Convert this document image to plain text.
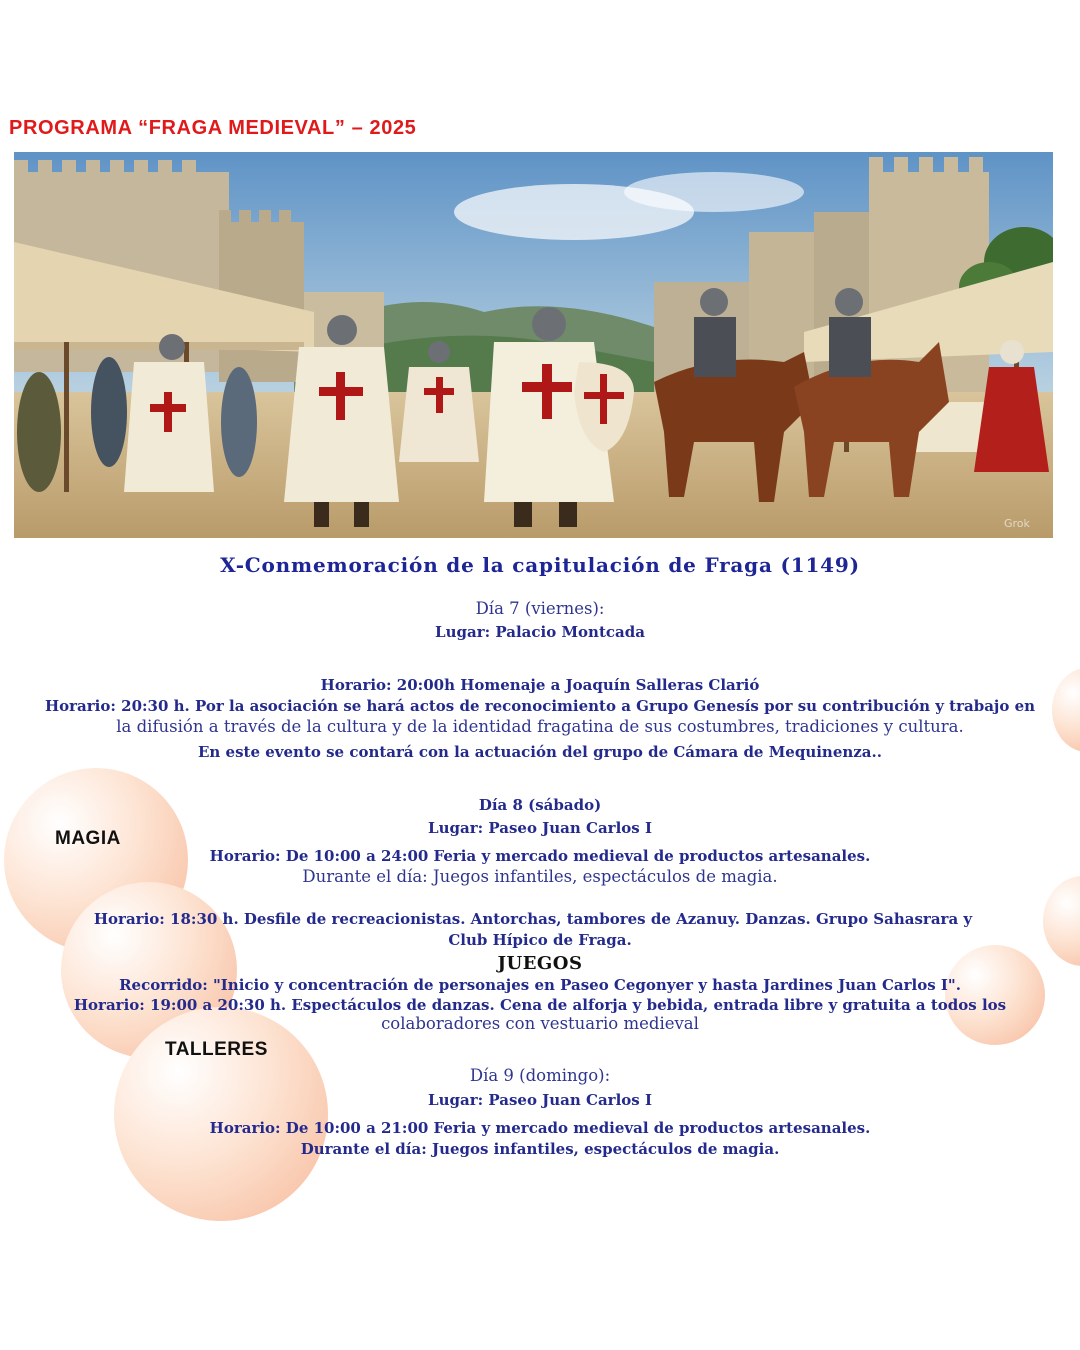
MAGIA
TALLERES
PROGRAMA “FRAGA MEDIEVAL” – 2025
Grok
X-Conmemoración de la capitulación de Fraga (1149)
Día 7 (viernes):
Lugar: Palacio Montcada
Horario: 20:00h Homenaje a Joaquín Salleras Clarió
Horario: 20:30 h. Por la asociación se hará actos de reconocimiento a Grupo Genesís por su contribución y trabajo en
la difusión a través de la cultura y de la identidad fragatina de sus costumbres, tradiciones y cultura.
En este evento se contará con la actuación del grupo de Cámara de Mequinenza..
Día 8 (sábado)
Lugar: Paseo Juan Carlos I
Horario: De 10:00 a 24:00 Feria y mercado medieval de productos artesanales.
Durante el día: Juegos infantiles, espectáculos de magia.
Horario: 18:30 h. Desfile de recreacionistas. Antorchas, tambores de Azanuy. Danzas. Grupo Sahasrara y
Club Hípico de Fraga.
JUEGOS
Recorrido: "Inicio y concentración de personajes en Paseo Cegonyer y hasta Jardines Juan Carlos I".
Horario: 19:00 a 20:30 h. Espectáculos de danzas. Cena de alforja y bebida, entrada libre y gratuita a todos los
colaboradores con vestuario medieval
Día 9 (domingo):
Lugar: Paseo Juan Carlos I
Horario: De 10:00 a 21:00 Feria y mercado medieval de productos artesanales.
Durante el día: Juegos infantiles, espectáculos de magia.
